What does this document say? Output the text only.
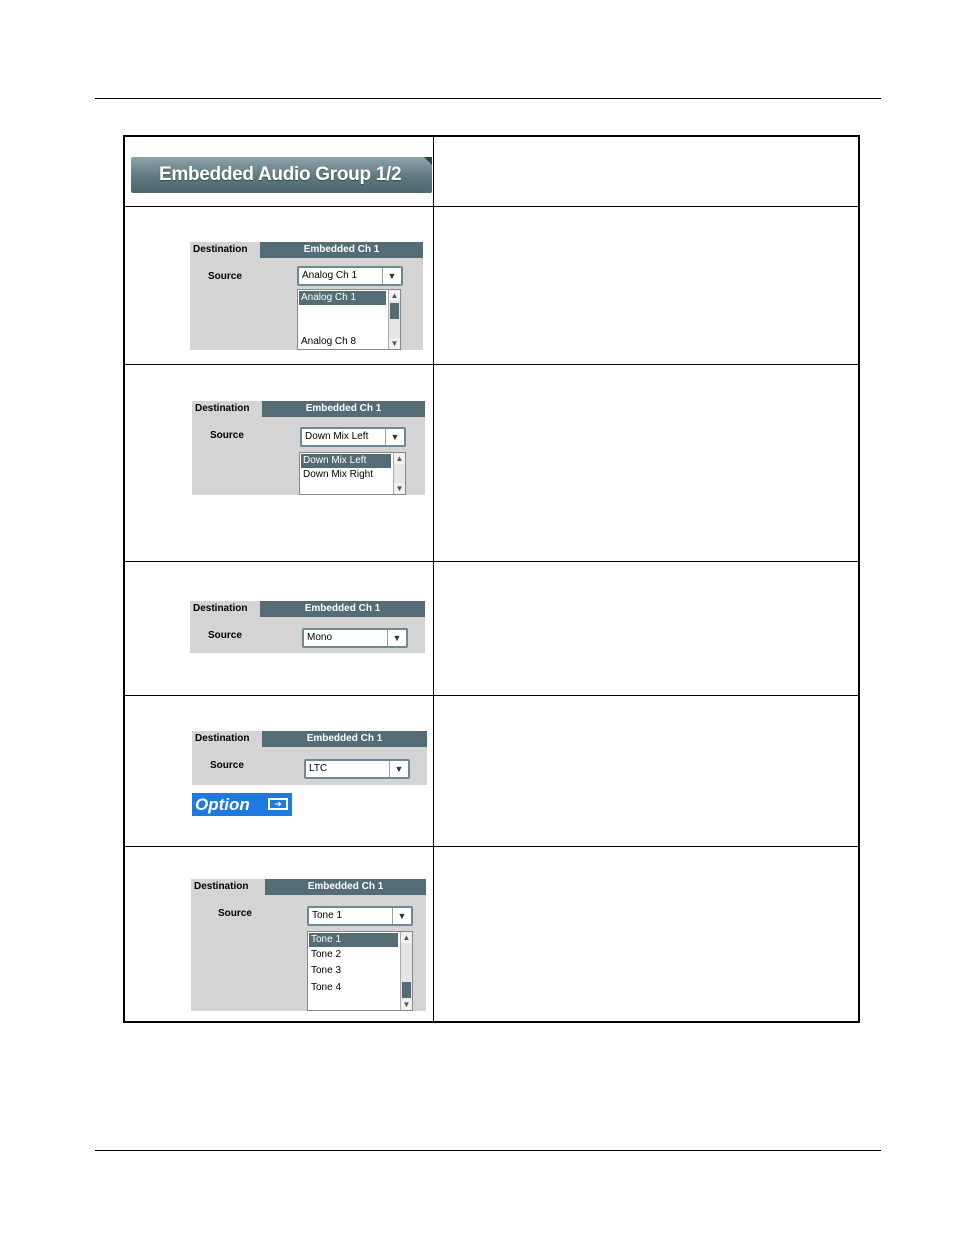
Embedded Audio Group 1/2
Destination	Embedded Ch 1
Source	Analog Ch 1	▼
Analog Ch 1
Analog Ch 8
▲
▼
Destination	Embedded Ch 1
Source	Down Mix Left	▼
Down Mix Left
Down Mix Right
▲
▼
Destination	Embedded Ch 1
Source	Mono	▼
Destination	Embedded Ch 1
Source	LTC	▼
Option	➜
Destination	Embedded Ch 1
Source	Tone 1	▼
Tone 1
Tone 2
Tone 3
Tone 4
▲
▼
